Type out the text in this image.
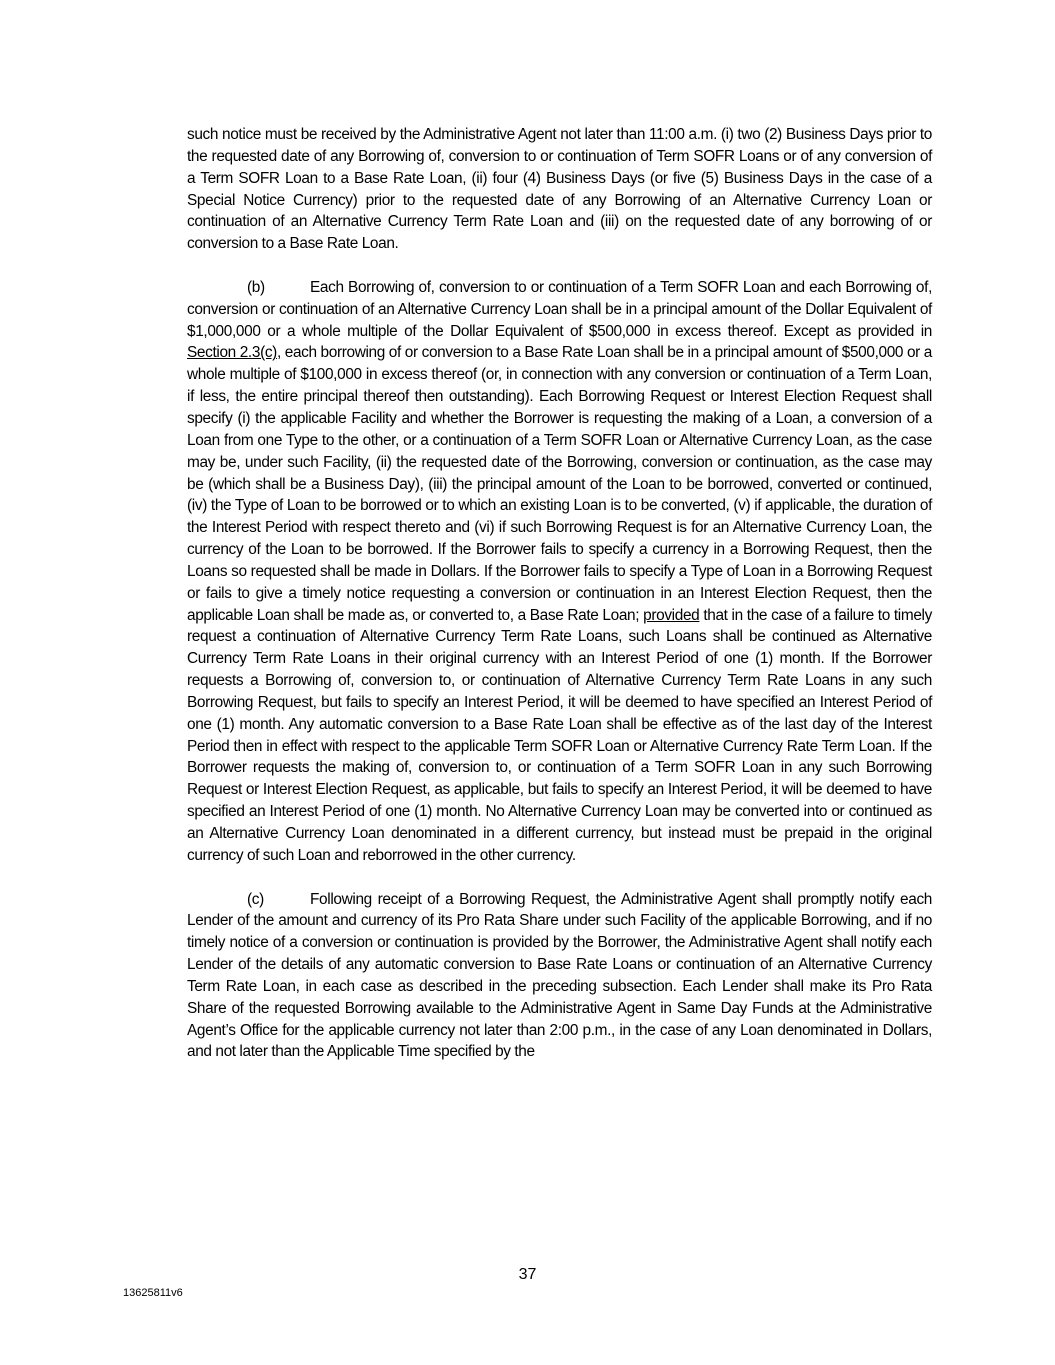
such notice must be received by the Administrative Agent not later than 11:00 a.m. (i) two (2) Business Days prior to the requested date of any Borrowing of, conversion to or continuation of Term SOFR Loans or of any conversion of a Term SOFR Loan to a Base Rate Loan, (ii) four (4) Business Days (or five (5) Business Days in the case of a Special Notice Currency) prior to the requested date of any Borrowing of an Alternative Currency Loan or continuation of an Alternative Currency Term Rate Loan and (iii) on the requested date of any borrowing of or conversion to a Base Rate Loan.

(b)	Each Borrowing of, conversion to or continuation of a Term SOFR Loan and each Borrowing of, conversion or continuation of an Alternative Currency Loan shall be in a principal amount of the Dollar Equivalent of $1,000,000 or a whole multiple of the Dollar Equivalent of $500,000 in excess thereof. Except as provided in Section 2.3(c), each borrowing of or conversion to a Base Rate Loan shall be in a principal amount of $500,000 or a whole multiple of $100,000 in excess thereof (or, in connection with any conversion or continuation of a Term Loan, if less, the entire principal thereof then outstanding). Each Borrowing Request or Interest Election Request shall specify (i) the applicable Facility and whether the Borrower is requesting the making of a Loan, a conversion of a Loan from one Type to the other, or a continuation of a Term SOFR Loan or Alternative Currency Loan, as the case may be, under such Facility, (ii) the requested date of the Borrowing, conversion or continuation, as the case may be (which shall be a Business Day), (iii) the principal amount of the Loan to be borrowed, converted or continued, (iv) the Type of Loan to be borrowed or to which an existing Loan is to be converted, (v) if applicable, the duration of the Interest Period with respect thereto and (vi) if such Borrowing Request is for an Alternative Currency Loan, the currency of the Loan to be borrowed. If the Borrower fails to specify a currency in a Borrowing Request, then the Loans so requested shall be made in Dollars. If the Borrower fails to specify a Type of Loan in a Borrowing Request or fails to give a timely notice requesting a conversion or continuation in an Interest Election Request, then the applicable Loan shall be made as, or converted to, a Base Rate Loan; provided that in the case of a failure to timely request a continuation of Alternative Currency Term Rate Loans, such Loans shall be continued as Alternative Currency Term Rate Loans in their original currency with an Interest Period of one (1) month. If the Borrower requests a Borrowing of, conversion to, or continuation of Alternative Currency Term Rate Loans in any such Borrowing Request, but fails to specify an Interest Period, it will be deemed to have specified an Interest Period of one (1) month. Any automatic conversion to a Base Rate Loan shall be effective as of the last day of the Interest Period then in effect with respect to the applicable Term SOFR Loan or Alternative Currency Rate Term Loan. If the Borrower requests the making of, conversion to, or continuation of a Term SOFR Loan in any such Borrowing Request or Interest Election Request, as applicable, but fails to specify an Interest Period, it will be deemed to have specified an Interest Period of one (1) month. No Alternative Currency Loan may be converted into or continued as an Alternative Currency Loan denominated in a different currency, but instead must be prepaid in the original currency of such Loan and reborrowed in the other currency.

(c)	Following receipt of a Borrowing Request, the Administrative Agent shall promptly notify each Lender of the amount and currency of its Pro Rata Share under such Facility of the applicable Borrowing, and if no timely notice of a conversion or continuation is provided by the Borrower, the Administrative Agent shall notify each Lender of the details of any automatic conversion to Base Rate Loans or continuation of an Alternative Currency Term Rate Loan, in each case as described in the preceding subsection. Each Lender shall make its Pro Rata Share of the requested Borrowing available to the Administrative Agent in Same Day Funds at the Administrative Agent’s Office for the applicable currency not later than 2:00 p.m., in the case of any Loan denominated in Dollars, and not later than the Applicable Time specified by the

37
13625811v6
